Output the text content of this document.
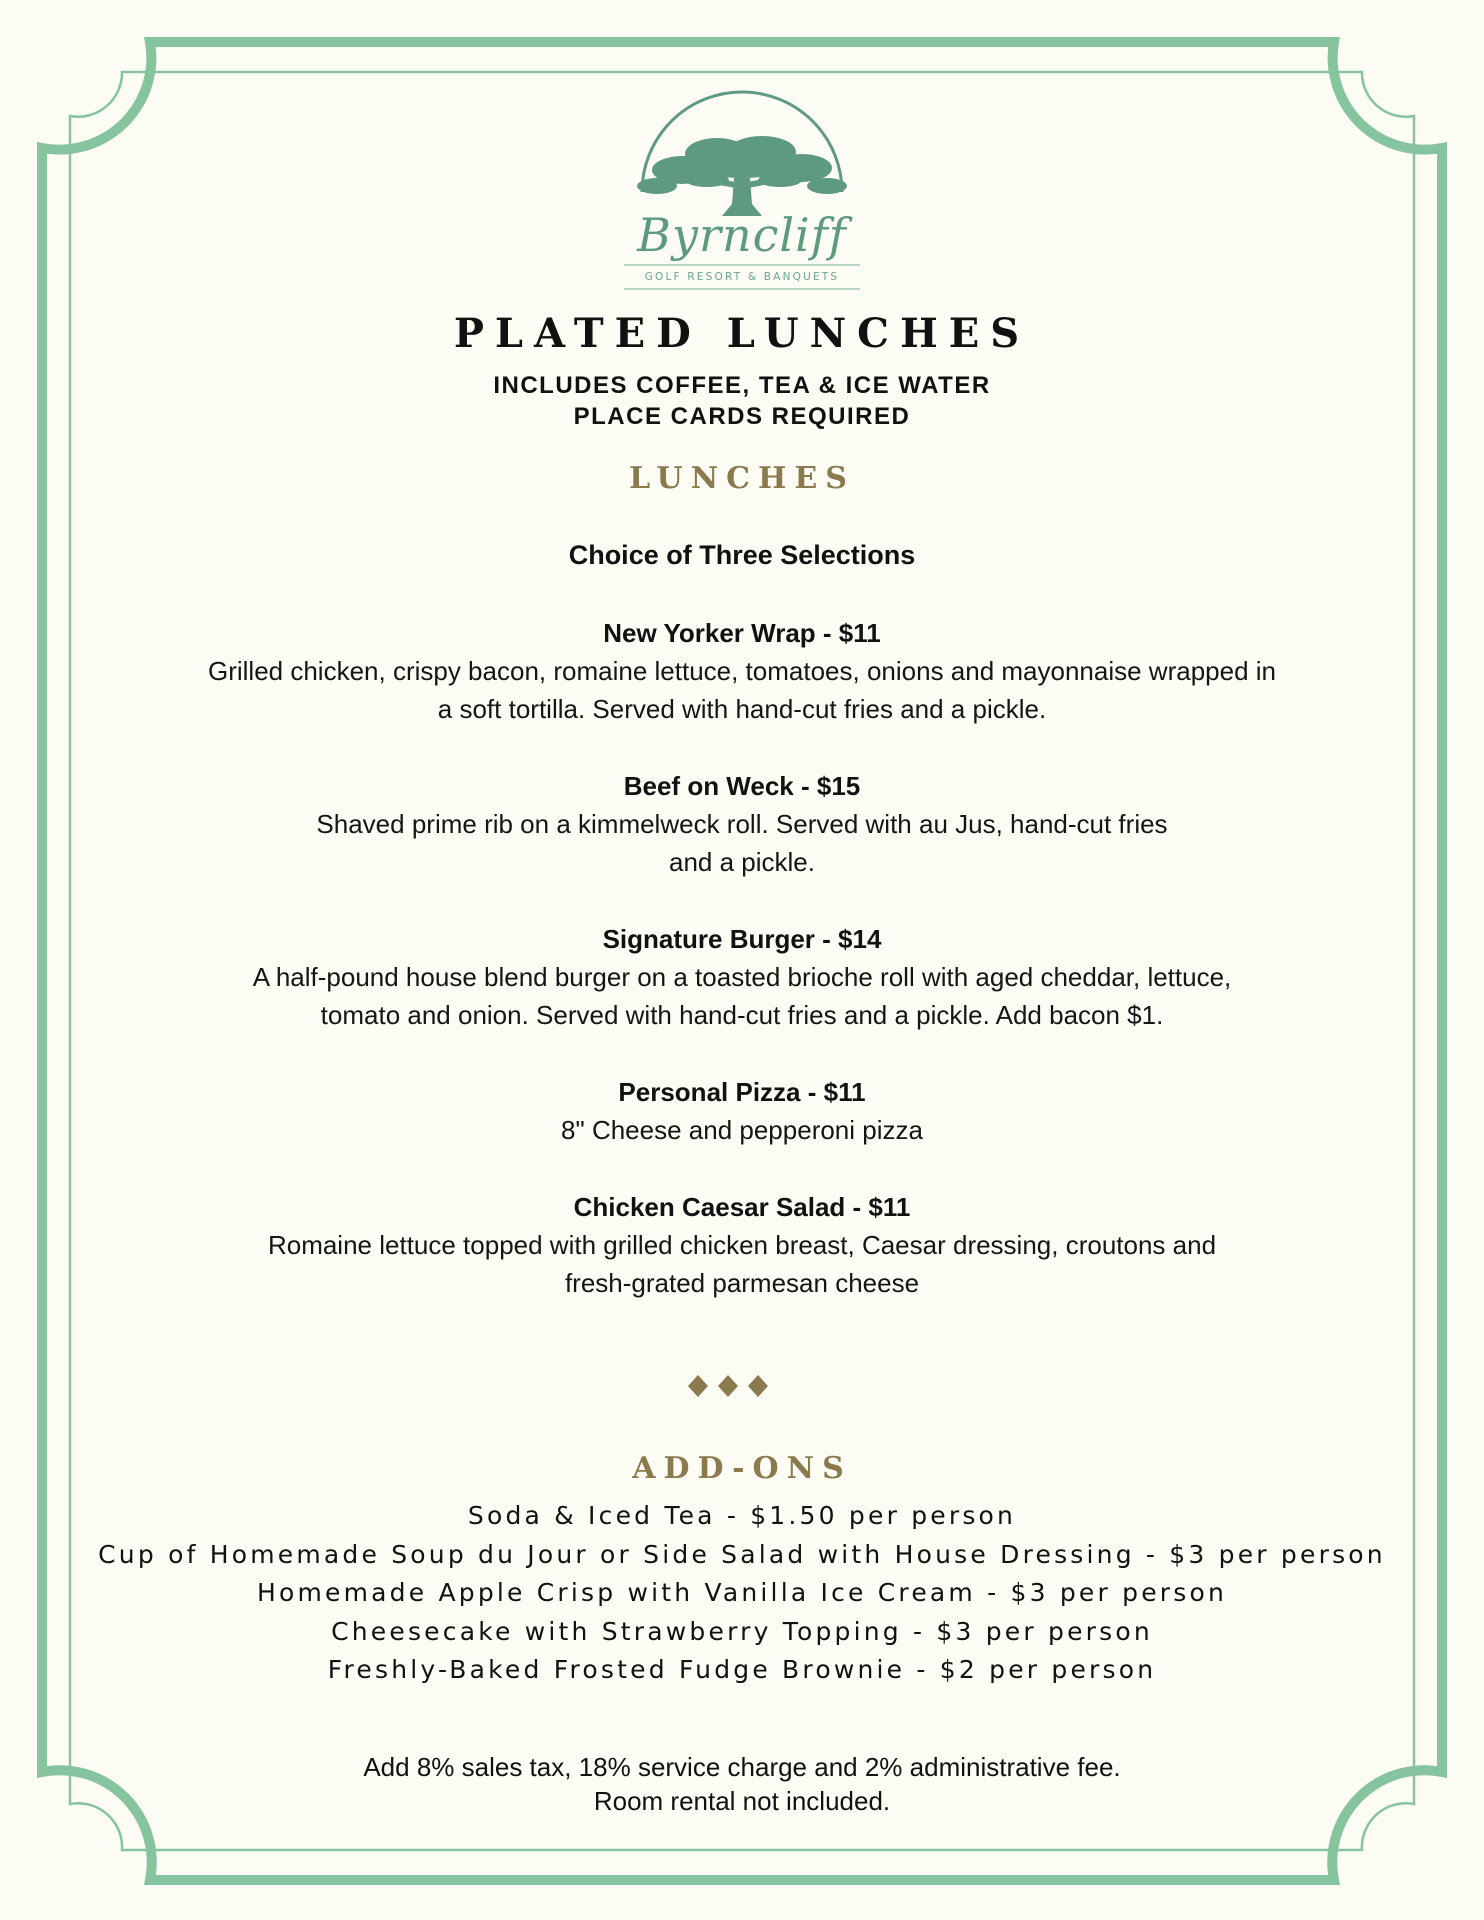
Byrncliff
GOLF RESORT & BANQUETS
PLATED LUNCHES
INCLUDES COFFEE, TEA & ICE WATER
PLACE CARDS REQUIRED
LUNCHES
Choice of Three Selections
New Yorker Wrap - $11
Grilled chicken, crispy bacon, romaine lettuce, tomatoes, onions and mayonnaise wrapped in
a soft tortilla. Served with hand-cut fries and a pickle.
Beef on Weck - $15
Shaved prime rib on a kimmelweck roll. Served with au Jus, hand-cut fries
and a pickle.
Signature Burger - $14
A half-pound house blend burger on a toasted brioche roll with aged cheddar, lettuce,
tomato and onion. Served with hand-cut fries and a pickle. Add bacon $1.
Personal Pizza - $11
8" Cheese and pepperoni pizza
Chicken Caesar Salad - $11
Romaine lettuce topped with grilled chicken breast, Caesar dressing, croutons and
fresh-grated parmesan cheese
ADD-ONS
Soda & Iced Tea - $1.50 per person
Cup of Homemade Soup du Jour or Side Salad with House Dressing - $3 per person
Homemade Apple Crisp with Vanilla Ice Cream - $3 per person
Cheesecake with Strawberry Topping - $3 per person
Freshly-Baked Frosted Fudge Brownie - $2 per person
Add 8% sales tax, 18% service charge and 2% administrative fee.
Room rental not included.
